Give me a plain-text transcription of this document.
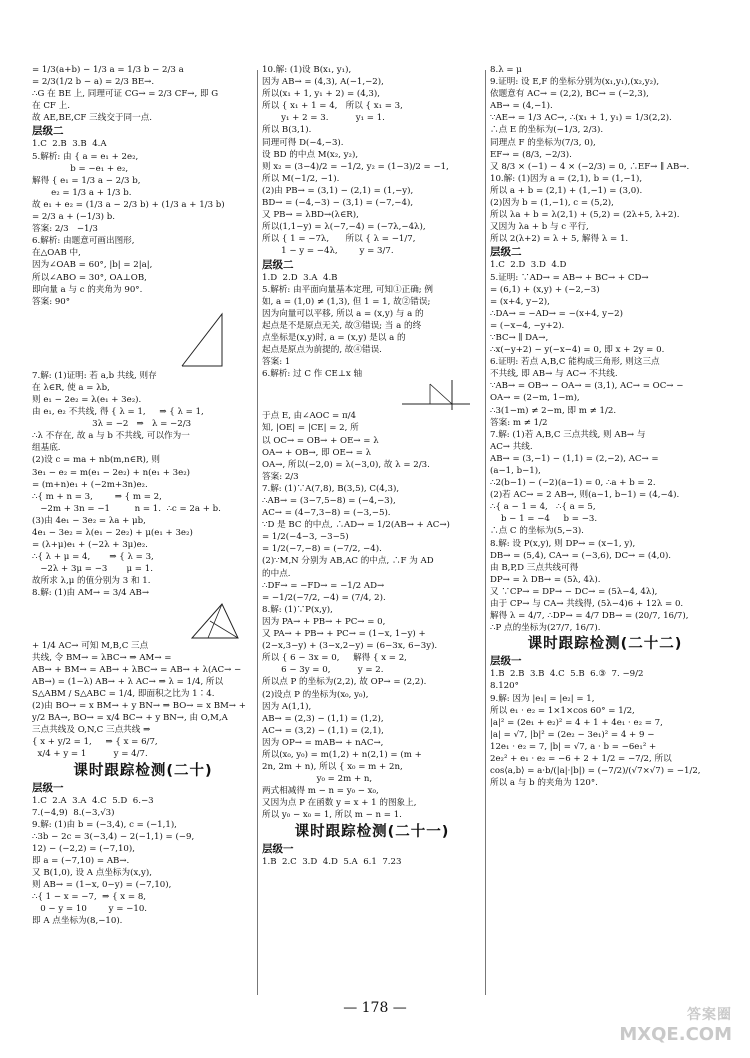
= 1/3(a+b) − 1/3 a = 1/3 b − 2/3 a
= 2/3(1/2 b − a) = 2/3 BE→.
∴G 在 BE 上, 同理可证 CG→ = 2/3 CF→, 即 G
在 CF 上.
故 AE,BE,CF 三线交于同一点.
层级二
1.C  2.B  3.B  4.A
5.解析: 由 { a = e₁ + 2e₂,
b = −e₁ + e₂,
解得 { e₁ = 1/3 a − 2/3 b,
e₂ = 1/3 a + 1/3 b.
故 e₁ + e₂ = (1/3 a − 2/3 b) + (1/3 a + 1/3 b)
= 2/3 a + (−1/3) b.
答案: 2/3   −1/3
6.解析: 由题意可画出图形,
在△OAB 中,
因为∠OAB = 60°, |b| = 2|a|,
所以∠ABO = 30°, OA⊥OB,
即向量 a 与 c 的夹角为 90°.
答案: 90°
7.解: (1)证明: 若 a,b 共线, 则存
在 λ∈R, 使 a = λb,
则 e₁ − 2e₂ = λ(e₁ + 3e₂).
由 e₁, e₂ 不共线, 得 { λ = 1,     ⇒ { λ = 1,
3λ = −2   ⇒   λ = −2/3
∴λ 不存在, 故 a 与 b 不共线, 可以作为一
组基底.
(2)设 c = ma + nb(m,n∈R), 则
3e₁ − e₂ = m(e₁ − 2e₂) + n(e₁ + 3e₂)
= (m+n)e₁ + (−2m+3n)e₂.
∴{ m + n = 3,        ⇒ { m = 2,
−2m + 3n = −1         n = 1.  ∴c = 2a + b.
(3)由 4e₁ − 3e₂ = λa + μb,
4e₁ − 3e₂ = λ(e₁ − 2e₂) + μ(e₁ + 3e₂)
= (λ+μ)e₁ + (−2λ + 3μ)e₂.
∴{ λ + μ = 4,       ⇒ { λ = 3,
−2λ + 3μ = −3       μ = 1.
故所求 λ,μ 的值分别为 3 和 1.
8.解: (1)由 AM→ = 3/4 AB→
+ 1/4 AC→ 可知 M,B,C 三点
共线, 令 BM→ = λBC→ ⇒ AM→ =
AB→ + BM→ = AB→ + λBC→ = AB→ + λ(AC→ −
AB→) = (1−λ) AB→ + λ AC→ ⇒ λ = 1/4, 所以
S△ABM / S△ABC = 1/4, 即面积之比为 1∶4.
(2)由 BO→ = x BM→ + y BN→ ⇒ BO→ = x BM→ +
y/2 BA→, BO→ = x/4 BC→ + y BN→, 由 O,M,A
三点共线及 O,N,C 三点共线 ⇒
{ x + y/2 = 1,     ⇒ { x = 6/7,
x/4 + y = 1          y = 4/7.
课时跟踪检测(二十)
层级一
1.C  2.A  3.A  4.C  5.D  6.−3
7.(−4,9)  8.(−3,√3)
9.解: (1)由 b = (−3,4), c = (−1,1),
∴3b − 2c = 3(−3,4) − 2(−1,1) = (−9,
12) − (−2,2) = (−7,10),
即 a = (−7,10) = AB→.
又 B(1,0), 设 A 点坐标为(x,y),
则 AB→ = (1−x, 0−y) = (−7,10),
∴{ 1 − x = −7,  ⇒ { x = 8,
0 − y = 10        y = −10.
即 A 点坐标为(8,−10).
10.解: (1)设 B(x₁, y₁),
因为 AB→ = (4,3), A(−1,−2),
所以(x₁ + 1, y₁ + 2) = (4,3),
所以 { x₁ + 1 = 4,   所以 { x₁ = 3,
y₁ + 2 = 3.          y₁ = 1.
所以 B(3,1).
同理可得 D(−4,−3).
设 BD 的中点 M(x₂, y₂),
则 x₂ = (3−4)/2 = −1/2, y₂ = (1−3)/2 = −1,
所以 M(−1/2, −1).
(2)由 PB→ = (3,1) − (2,1) = (1,−y),
BD→ = (−4,−3) − (3,1) = (−7,−4),
又 PB→ = λBD→(λ∈R),
所以(1,1−y) = λ(−7,−4) = (−7λ,−4λ),
所以 { 1 = −7λ,      所以 { λ = −1/7,
1 − y = −4λ,        y = 3/7.
层级二
1.D  2.D  3.A  4.B
5.解析: 由平面向量基本定理, 可知①正确; 例
如, a = (1,0) ≠ (1,3), 但 1 = 1, 故②错误;
因为向量可以平移, 所以 a = (x,y) 与 a 的
起点是不是原点无关, 故③错误; 当 a 的终
点坐标是(x,y)时, a = (x,y) 是以 a 的
起点是原点为前提的, 故④错误.
答案: 1
6.解析: 过 C 作 CE⊥x 轴
于点 E, 由∠AOC = π/4
知, |OE| = |CE| = 2, 所
以 OC→ = OB→ + OE→ = λ
OA→ + OB→, 即 OE→ = λ
OA→, 所以(−2,0) = λ(−3,0), 故 λ = 2/3.
答案: 2/3
7.解: (1)∵A(7,8), B(3,5), C(4,3),
∴AB→ = (3−7,5−8) = (−4,−3),
AC→ = (4−7,3−8) = (−3,−5).
∵D 是 BC 的中点, ∴AD→ = 1/2(AB→ + AC→)
= 1/2(−4−3, −3−5)
= 1/2(−7,−8) = (−7/2, −4).
(2)∵M,N 分别为 AB,AC 的中点, ∴F 为 AD
的中点.
∴DF→ = −FD→ = −1/2 AD→
= −1/2(−7/2, −4) = (7/4, 2).
8.解: (1)∵P(x,y),
因为 PA→ + PB→ + PC→ = 0,
又 PA→ + PB→ + PC→ = (1−x, 1−y) +
(2−x,3−y) + (3−x,2−y) = (6−3x, 6−3y).
所以 { 6 − 3x = 0,     解得 { x = 2,
6 − 3y = 0,          y = 2.
所以点 P 的坐标为(2,2), 故 OP→ = (2,2).
(2)设点 P 的坐标为(x₀, y₀),
因为 A(1,1),
AB→ = (2,3) − (1,1) = (1,2),
AC→ = (3,2) − (1,1) = (2,1),
因为 OP→ = mAB→ + nAC→,
所以(x₀, y₀) = m(1,2) + n(2,1) = (m +
2n, 2m + n), 所以 { x₀ = m + 2n,
y₀ = 2m + n,
两式相减得 m − n = y₀ − x₀,
又因为点 P 在函数 y = x + 1 的图象上,
所以 y₀ − x₀ = 1, 所以 m − n = 1.
课时跟踪检测(二十一)
层级一
1.B  2.C  3.D  4.D  5.A  6.1  7.23
8.λ = μ
9.证明: 设 E,F 的坐标分别为(x₁,y₁),(x₂,y₂),
依题意有 AC→ = (2,2), BC→ = (−2,3),
AB→ = (4,−1).
∵AE→ = 1/3 AC→, ∴(x₁ + 1, y₁) = 1/3(2,2).
∴点 E 的坐标为(−1/3, 2/3).
同理点 F 的坐标为(7/3, 0),
EF→ = (8/3, −2/3).
又 8/3 × (−1) − 4 × (−2/3) = 0, ∴EF→ ∥ AB→.
10.解: (1)因为 a = (2,1), b = (1,−1),
所以 a + b = (2,1) + (1,−1) = (3,0).
(2)因为 b = (1,−1), c = (5,2),
所以 λa + b = λ(2,1) + (5,2) = (2λ+5, λ+2).
又因为 λa + b 与 c 平行,
所以 2(λ+2) = λ + 5, 解得 λ = 1.
层级二
1.C  2.D  3.D  4.D
5.证明: ∵AD→ = AB→ + BC→ + CD→
= (6,1) + (x,y) + (−2,−3)
= (x+4, y−2),
∴DA→ = −AD→ = −(x+4, y−2)
= (−x−4, −y+2).
∵BC→ ∥ DA→,
∴x(−y+2) − y(−x−4) = 0, 即 x + 2y = 0.
6.证明: 若点 A,B,C 能构成三角形, 则这三点
不共线, 即 AB→ 与 AC→ 不共线.
∵AB→ = OB→ − OA→ = (3,1), AC→ = OC→ −
OA→ = (2−m, 1−m),
∴3(1−m) ≠ 2−m, 即 m ≠ 1/2.
答案: m ≠ 1/2
7.解: (1)若 A,B,C 三点共线, 则 AB→ 与
AC→ 共线.
AB→ = (3,−1) − (1,1) = (2,−2), AC→ =
(a−1, b−1),
∴2(b−1) − (−2)(a−1) = 0, ∴a + b = 2.
(2)若 AC→ = 2 AB→, 则(a−1, b−1) = (4,−4).
∴{ a − 1 = 4,   ∴{ a = 5,
b − 1 = −4     b = −3.
∴点 C 的坐标为(5,−3).
8.解: 设 P(x,y), 则 DP→ = (x−1, y),
DB→ = (5,4), CA→ = (−3,6), DC→ = (4,0).
由 B,P,D 三点共线可得
DP→ = λ DB→ = (5λ, 4λ).
又 ∵CP→ = DP→ − DC→ = (5λ−4, 4λ),
由于 CP→ 与 CA→ 共线得, (5λ−4)6 + 12λ = 0.
解得 λ = 4/7, ∴DP→ = 4/7 DB→ = (20/7, 16/7),
∴P 点的坐标为(27/7, 16/7).
课时跟踪检测(二十二)
层级一
1.B  2.B  3.B  4.C  5.B  6.③  7. −9/2
8.120°
9.解: 因为 |e₁| = |e₂| = 1,
所以 e₁ · e₂ = 1×1×cos 60° = 1/2,
|a|² = (2e₁ + e₂)² = 4 + 1 + 4e₁ · e₂ = 7,
|a| = √7, |b|² = (2e₂ − 3e₁)² = 4 + 9 −
12e₁ · e₂ = 7, |b| = √7, a · b = −6e₁² +
2e₂² + e₁ · e₂ = −6 + 2 + 1/2 = −7/2, 所以
cos⟨a,b⟩ = a·b/(|a|·|b|) = (−7/2)/(√7×√7) = −1/2,
所以 a 与 b 的夹角为 120°.
— 178 —	答案圈
MXQE.COM
